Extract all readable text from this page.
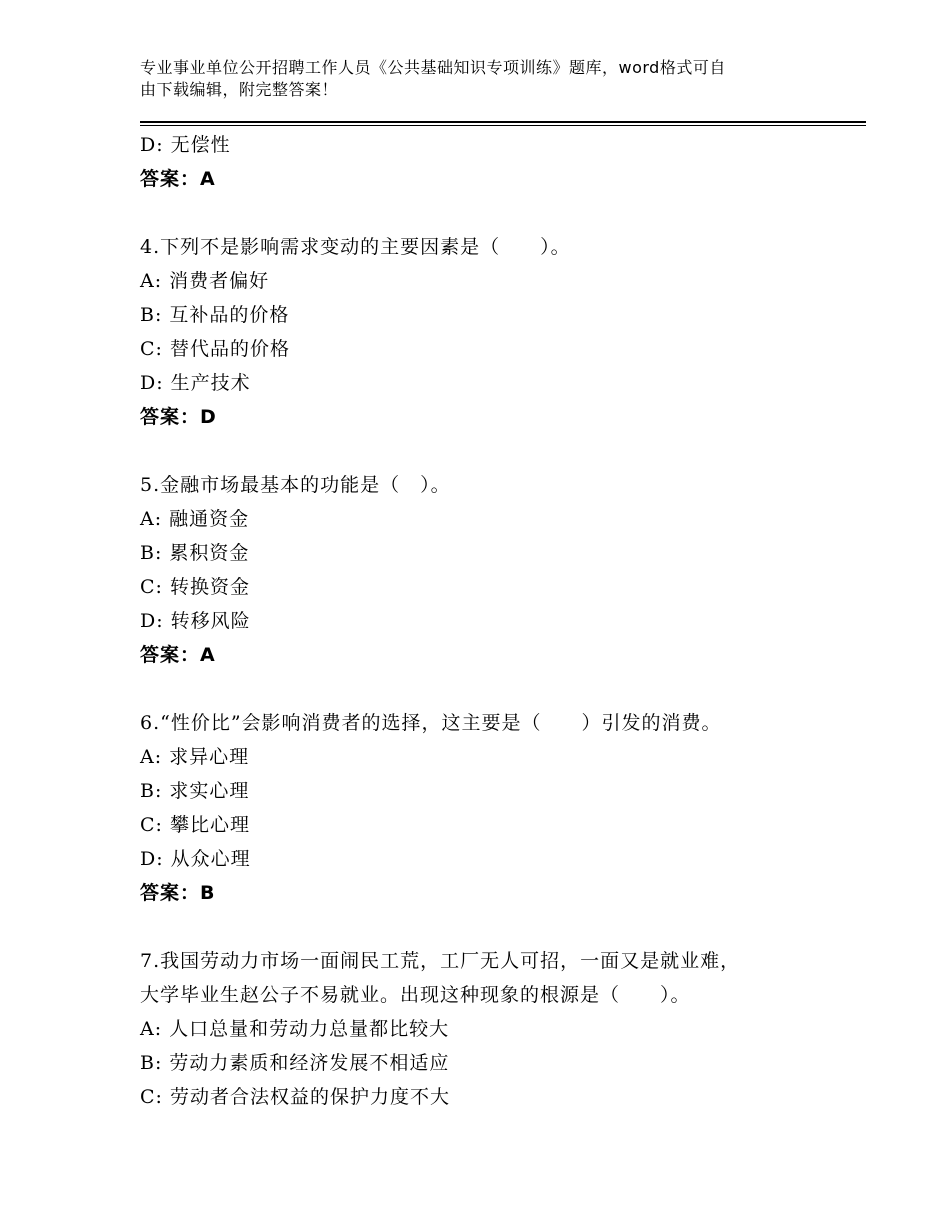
专业事业单位公开招聘工作人员《公共基础知识专项训练》题库，word格式可自
由下载编辑，附完整答案！
D: 无偿性
答案：A
4.下列不是影响需求变动的主要因素是（　　）。
A: 消费者偏好
B: 互补品的价格
C: 替代品的价格
D: 生产技术
答案：D
5.金融市场最基本的功能是（　）。
A: 融通资金
B: 累积资金
C: 转换资金
D: 转移风险
答案：A
6.“性价比”会影响消费者的选择，这主要是（　　）引发的消费。
A: 求异心理
B: 求实心理
C: 攀比心理
D: 从众心理
答案：B
7.我国劳动力市场一面闹民工荒，工厂无人可招，一面又是就业难，
大学毕业生赵公子不易就业。出现这种现象的根源是（　　）。
A: 人口总量和劳动力总量都比较大
B: 劳动力素质和经济发展不相适应
C: 劳动者合法权益的保护力度不大
